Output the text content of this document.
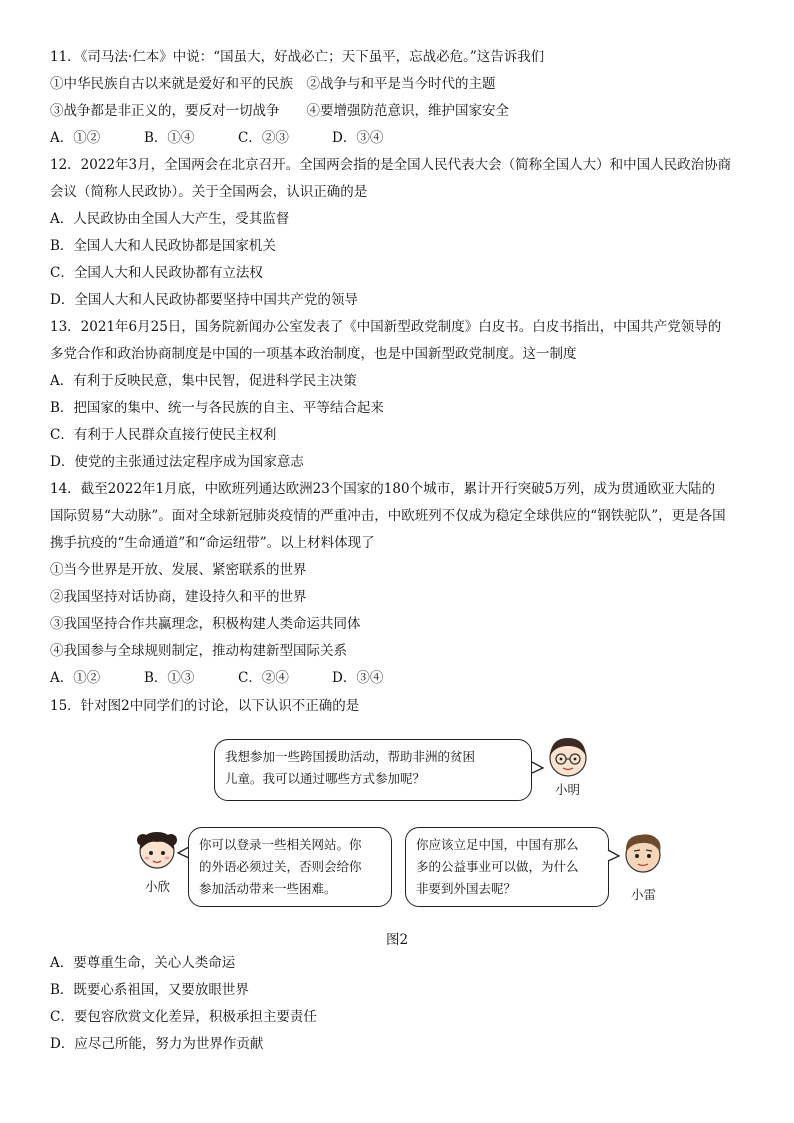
11．《司马法·仁本》中说：“国虽大，好战必亡；天下虽平，忘战必危。”这告诉我们
①中华民族自古以来就是爱好和平的民族　②战争与和平是当今时代的主题
③战争都是非正义的，要反对一切战争　　④要增强防范意识，维护国家安全
A．①②	B．①④	C．②③	D．③④
12．2022年3月，全国两会在北京召开。全国两会指的是全国人民代表大会（简称全国人大）和中国人民政治协商
会议（简称人民政协）。关于全国两会，认识正确的是
A．人民政协由全国人大产生，受其监督
B．全国人大和人民政协都是国家机关
C．全国人大和人民政协都有立法权
D．全国人大和人民政协都要坚持中国共产党的领导
13．2021年6月25日，国务院新闻办公室发表了《中国新型政党制度》白皮书。白皮书指出，中国共产党领导的
多党合作和政治协商制度是中国的一项基本政治制度，也是中国新型政党制度。这一制度
A．有利于反映民意，集中民智，促进科学民主决策
B．把国家的集中、统一与各民族的自主、平等结合起来
C．有利于人民群众直接行使民主权利
D．使党的主张通过法定程序成为国家意志
14．截至2022年1月底，中欧班列通达欧洲23个国家的180个城市，累计开行突破5万列，成为贯通欧亚大陆的
国际贸易“大动脉”。面对全球新冠肺炎疫情的严重冲击，中欧班列不仅成为稳定全球供应的“钢铁驼队”，更是各国
携手抗疫的“生命通道”和“命运纽带”。以上材料体现了
①当今世界是开放、发展、紧密联系的世界
②我国坚持对话协商，建设持久和平的世界
③我国坚持合作共赢理念，积极构建人类命运共同体
④我国参与全球规则制定，推动构建新型国际关系
A．①②	B．①③	C．②④	D．③④
15．针对图2中同学们的讨论，以下认识不正确的是
我想参加一些跨国援助活动，帮助非洲的贫困
儿童。我可以通过哪些方式参加呢？
小明
小欣
你可以登录一些相关网站。你
的外语必须过关，否则会给你
参加活动带来一些困难。
你应该立足中国，中国有那么
多的公益事业可以做，为什么
非要到外国去呢？	小雷
图2
A．要尊重生命，关心人类命运
B．既要心系祖国，又要放眼世界
C．要包容欣赏文化差异，积极承担主要责任
D．应尽己所能，努力为世界作贡献
